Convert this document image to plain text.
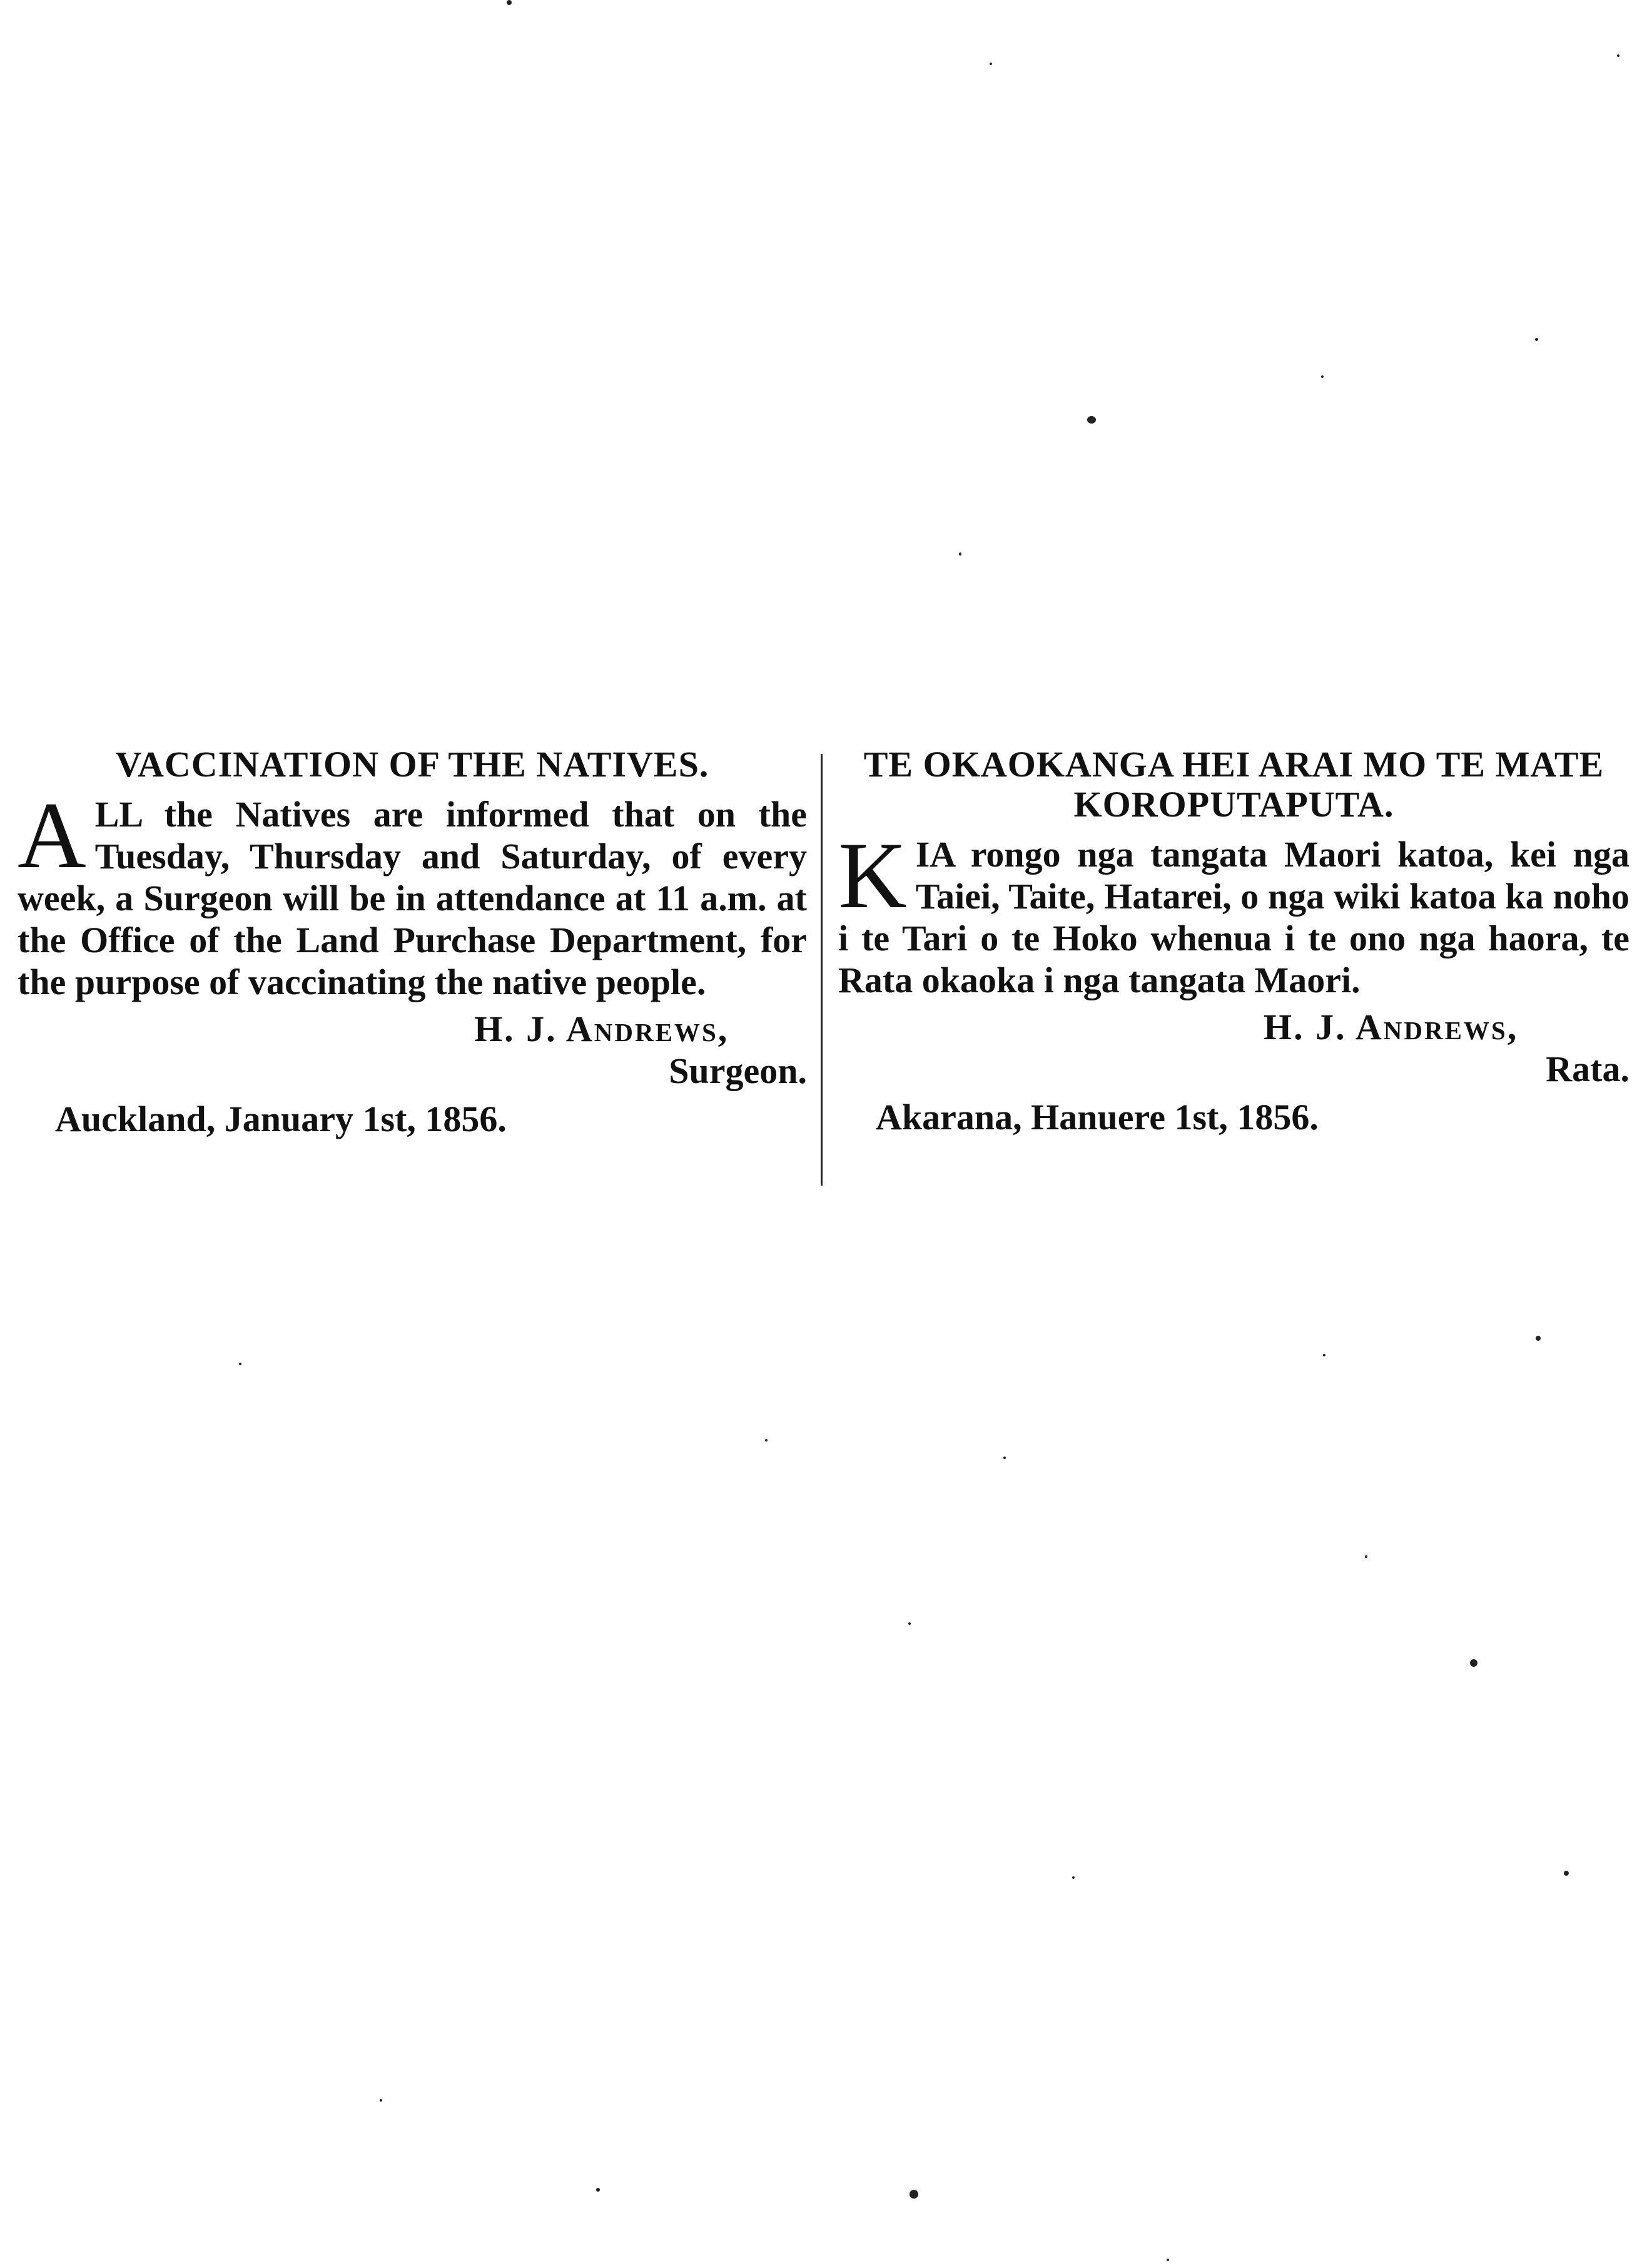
VACCINATION OF THE NATIVES.

ALL the Natives are informed that on the Tuesday, Thursday and Saturday, of every week, a Surgeon will be in attendance at 11 a.m. at the Office of the Land Purchase Department, for the purpose of vaccinating the native people.

H. J. Andrews,
Surgeon.
Auckland, January 1st, 1856.
TE OKAOKANGA HEI ARAI MO TE MATE KOROPUTAPUTA.

KIA rongo nga tangata Maori katoa, kei nga Taiei, Taite, Hatarei, o nga wiki katoa ka noho i te Tari o te Hoko whenua i te ono nga haora, te Rata okaoka i nga tangata Maori.

H. J. Andrews,
Rata.
Akarana, Hanuere 1st, 1856.
